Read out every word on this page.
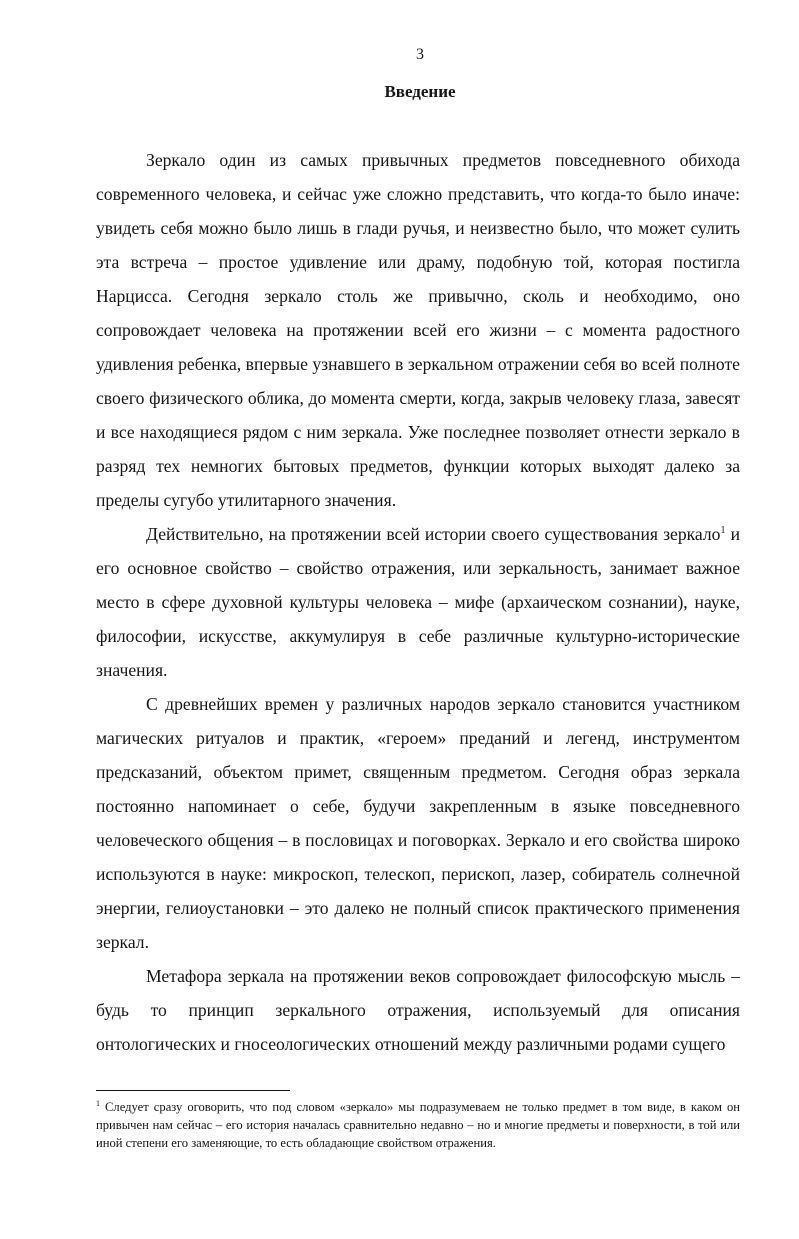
3
Введение

Зеркало один из самых привычных предметов повседневного обихода современного человека, и сейчас уже сложно представить, что когда-то было иначе: увидеть себя можно было лишь в глади ручья, и неизвестно было, что может сулить эта встреча – простое удивление или драму, подобную той, которая постигла Нарцисса. Сегодня зеркало столь же привычно, сколь и необходимо, оно сопровождает человека на протяжении всей его жизни – с момента радостного удивления ребенка, впервые узнавшего в зеркальном отражении себя во всей полноте своего физического облика, до момента смерти, когда, закрыв человеку глаза, завесят и все находящиеся рядом с ним зеркала. Уже последнее позволяет отнести зеркало в разряд тех немногих бытовых предметов, функции которых выходят далеко за пределы сугубо утилитарного значения.

Действительно, на протяжении всей истории своего существования зеркало$^1$ и его основное свойство – свойство отражения, или зеркальность, занимает важное место в сфере духовной культуры человека – мифе (архаическом сознании), науке, философии, искусстве, аккумулируя в себе различные культурно-исторические значения.

С древнейших времен у различных народов зеркало становится участником магических ритуалов и практик, «героем» преданий и легенд, инструментом предсказаний, объектом примет, священным предметом. Сегодня образ зеркала постоянно напоминает о себе, будучи закрепленным в языке повседневного человеческого общения – в пословицах и поговорках. Зеркало и его свойства широко используются в науке: микроскоп, телескоп, перископ, лазер, собиратель солнечной энергии, гелиоустановки – это далеко не полный список практического применения зеркал.

Метафора зеркала на протяжении веков сопровождает философскую мысль – будь то принцип зеркального отражения, используемый для описания онтологических и гносеологических отношений между различными родами сущего

$^1$ Следует сразу оговорить, что под словом «зеркало» мы подразумеваем не только предмет в том виде, в каком он привычен нам сейчас – его история началась сравнительно недавно – но и многие предметы и поверхности, в той или иной степени его заменяющие, то есть обладающие свойством отражения.
